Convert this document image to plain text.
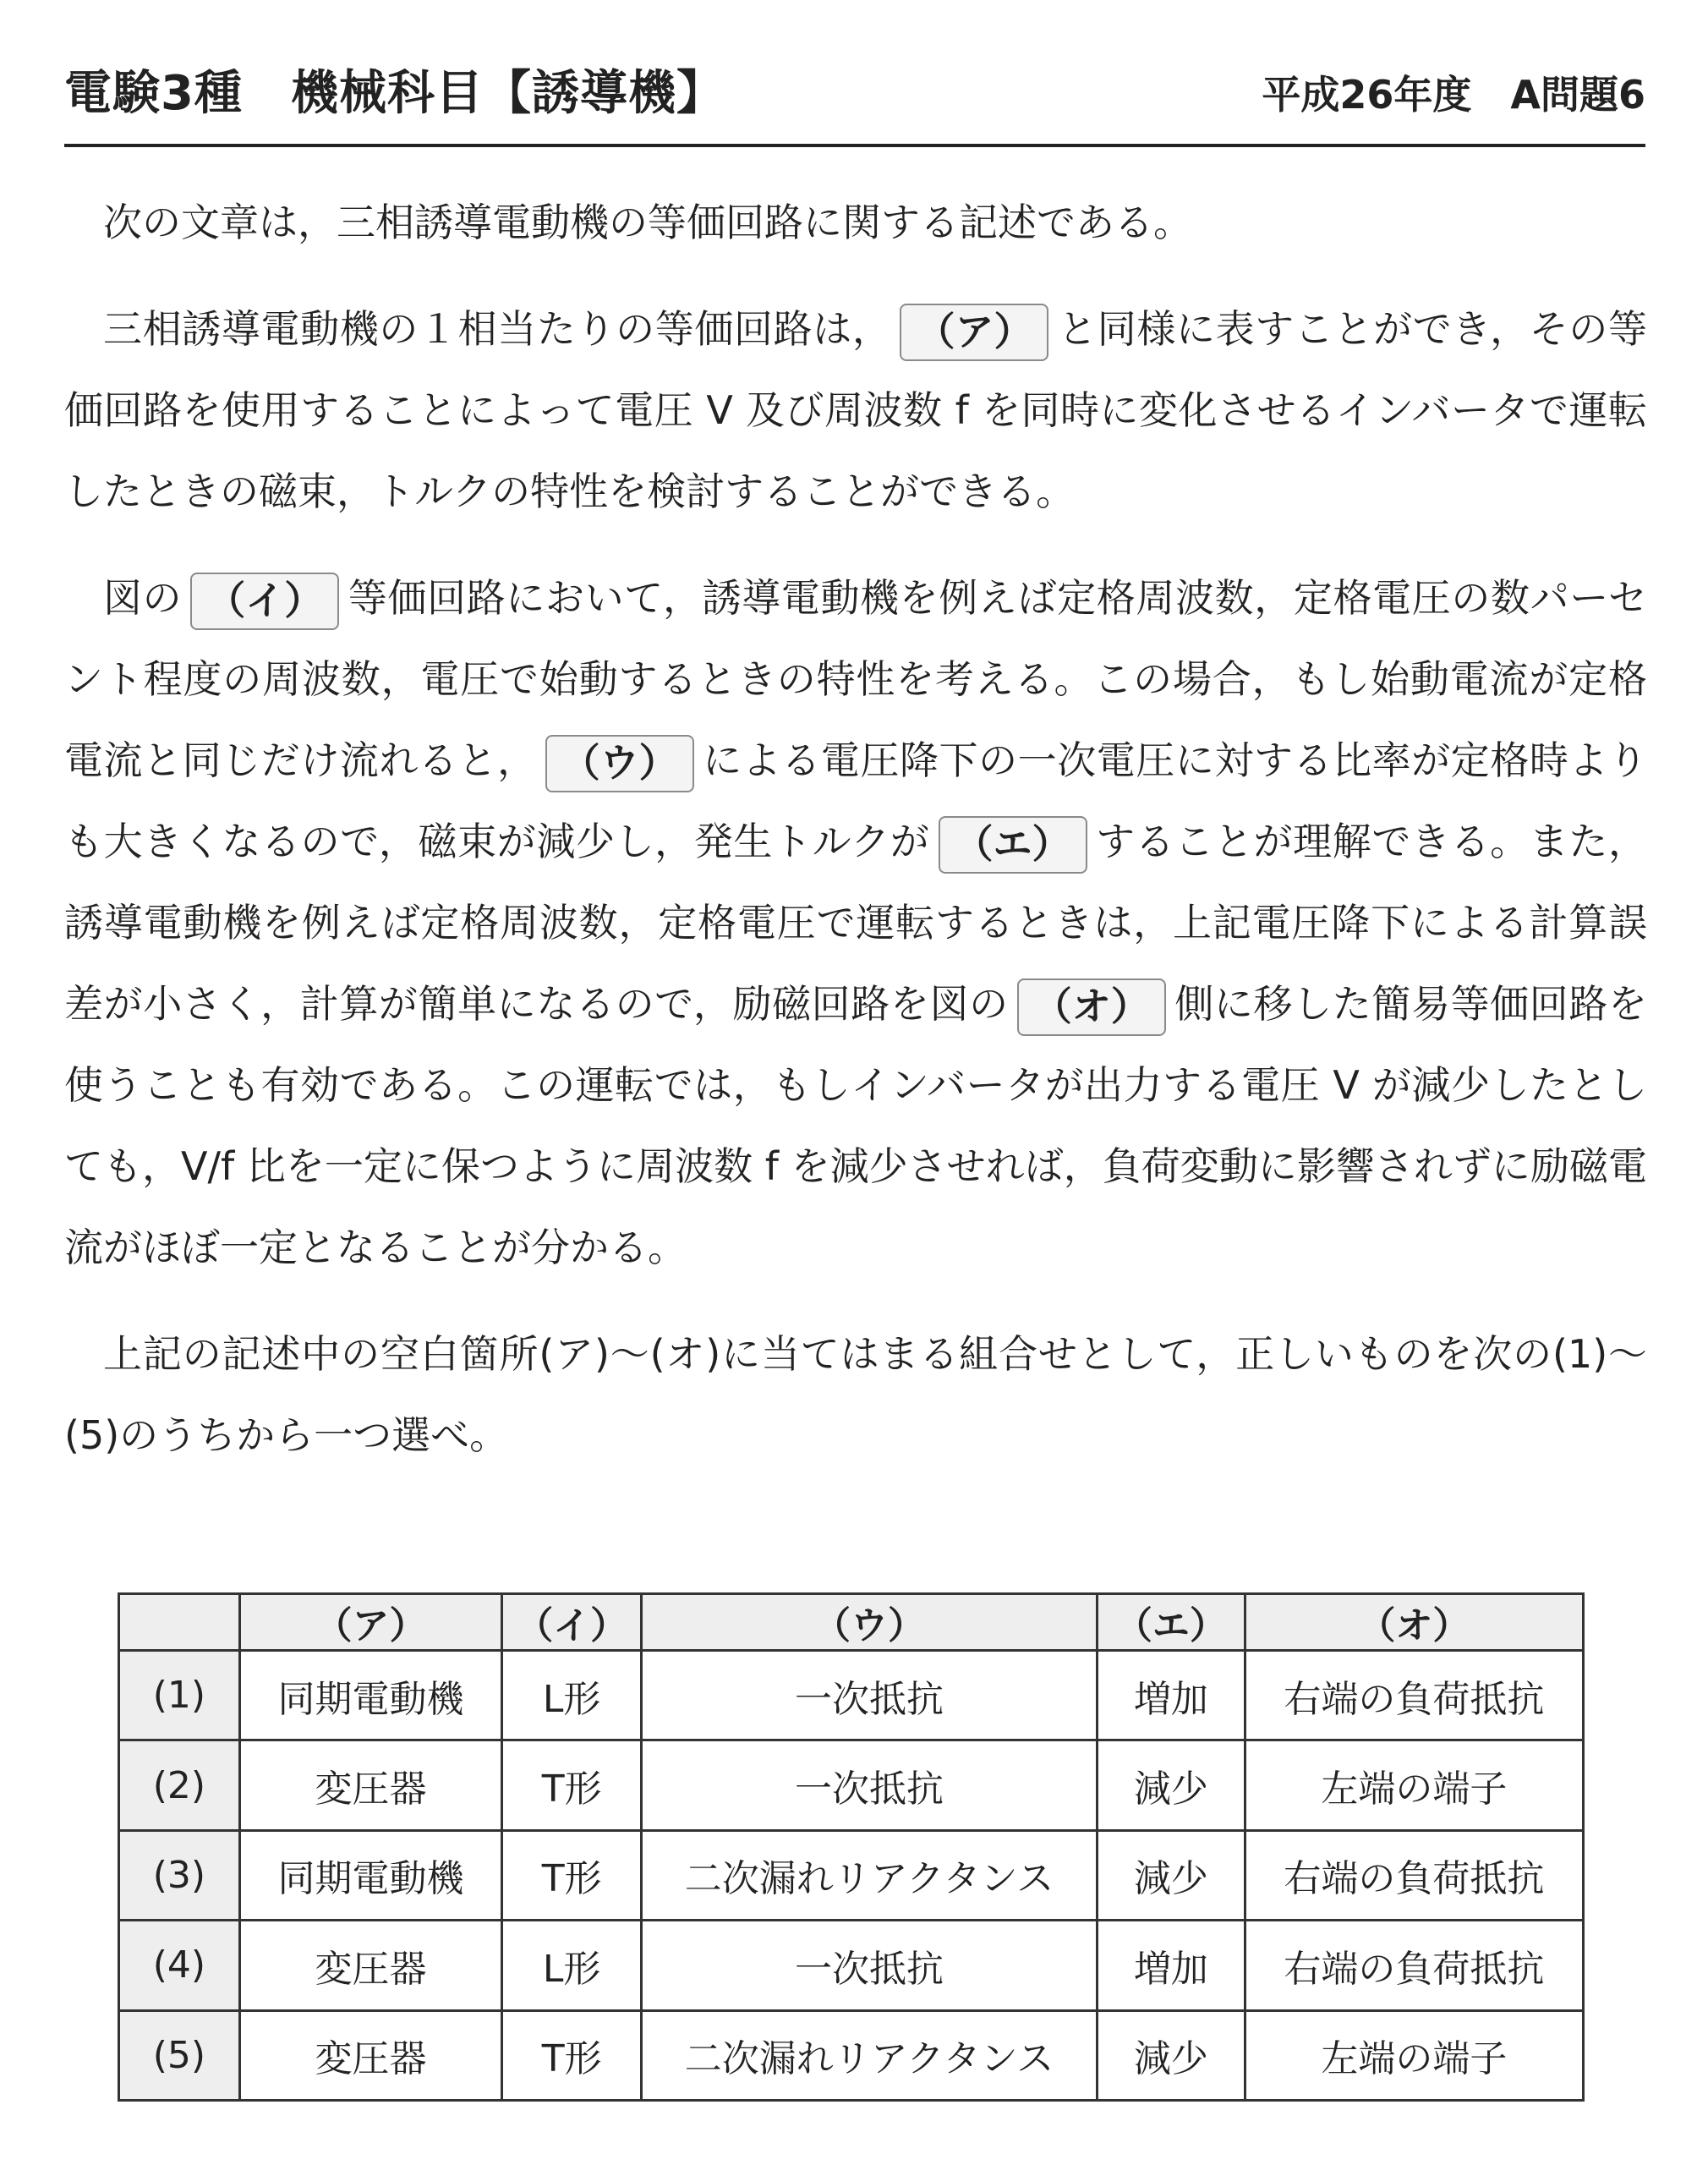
電験3種　機械科目【誘導機】	平成26年度　A問題6

次の文章は，三相誘導電動機の等価回路に関する記述である。

三相誘導電動機の１相当たりの等価回路は， （ア） と同様に表すことができ，その等価回路を使用することによって電圧 V 及び周波数 f を同時に変化させるインバータで運転したときの磁束，トルクの特性を検討することができる。

図の （イ） 等価回路において，誘導電動機を例えば定格周波数，定格電圧の数パーセント程度の周波数，電圧で始動するときの特性を考える。この場合，もし始動電流が定格電流と同じだけ流れると， （ウ） による電圧降下の一次電圧に対する比率が定格時よりも大きくなるので，磁束が減少し，発生トルクが （エ） することが理解できる。また，誘導電動機を例えば定格周波数，定格電圧で運転するときは，上記電圧降下による計算誤差が小さく，計算が簡単になるので，励磁回路を図の （オ） 側に移した簡易等価回路を使うことも有効である。この運転では，もしインバータが出力する電圧 V が減少したとしても，V/f 比を一定に保つように周波数 f を減少させれば，負荷変動に影響されずに励磁電流がほぼ一定となることが分かる。

上記の記述中の空白箇所(ア)～(オ)に当てはまる組合せとして，正しいものを次の(1)～(5)のうちから一つ選べ。

	（ア）	（イ）	（ウ）	（エ）	（オ）
(1)	同期電動機	L形	一次抵抗	増加	右端の負荷抵抗
(2)	変圧器	T形	一次抵抗	減少	左端の端子
(3)	同期電動機	T形	二次漏れリアクタンス	減少	右端の負荷抵抗
(4)	変圧器	L形	一次抵抗	増加	右端の負荷抵抗
(5)	変圧器	T形	二次漏れリアクタンス	減少	左端の端子
